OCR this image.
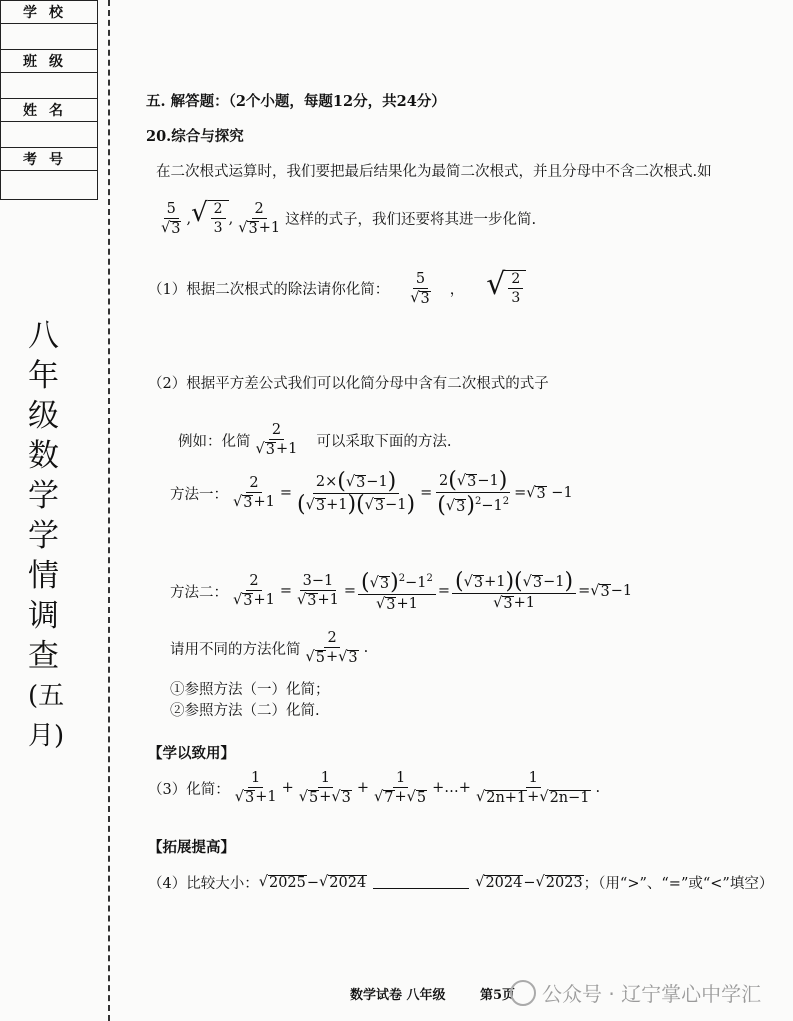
学校

班级

姓名

考号

八
年
级
数
学
学
情
调
查
(五
月)
五. 解答题：（2个小题，每题12分，共24分）
20.综合与探究
在二次根式运算时，我们要把最后结果化为最简二次根式，并且分母中不含二次根式.如
$\frac{5}{√ 3}$ , √ $\frac{2}{3}$ , $\frac{2}{√ 3 +1}$ 这样的式子，我们还要将其进一步化简.
（1）根据二次根式的除法请你化简： $\frac{5}{√ 3}$ ， √ $\frac{2}{3}$
（2）根据平方差公式我们可以化简分母中含有二次根式的式子
例如：化简 $\frac{2}{√ 3 +1}$ 可以采取下面的方法.
方法一： $\frac{2}{√ 3 +1} = \frac{2\times( √ 3 -1)}{( √ 3 +1)( √ 3 -1)} = \frac{2( √ 3 -1)}{( √ 3 )^2-1^2}$ = √ 3 −1
方法二： $\frac{2}{√ 3 +1} = \frac{3-1}{√ 3 +1} = \frac{( √ 3 )^2-1^2}{√ 3 +1} = \frac{( √ 3 +1)( √ 3 -1)}{√ 3 +1}$ = √ 3 −1
请用不同的方法化简 $\frac{2}{√ 5 + √ 3}$ .
①参照方法（一）化简；
②参照方法（二）化简.
【学以致用】
（3）化简： $\frac{1}{√ 3 +1} + \frac{1}{√ 5 + √ 3} + \frac{1}{√ 7 + √ 5}$ +…+ $\frac{1}{√ 2n+1 + √ 2n-1}$ .
【拓展提高】
（4）比较大小： √ 2025 − √ 2024	√ 2024 − √ 2023 ；（用“>”、“=”或“<”填空）
数学试卷 八年级	第5页 公众号 · 辽宁掌心中学汇
